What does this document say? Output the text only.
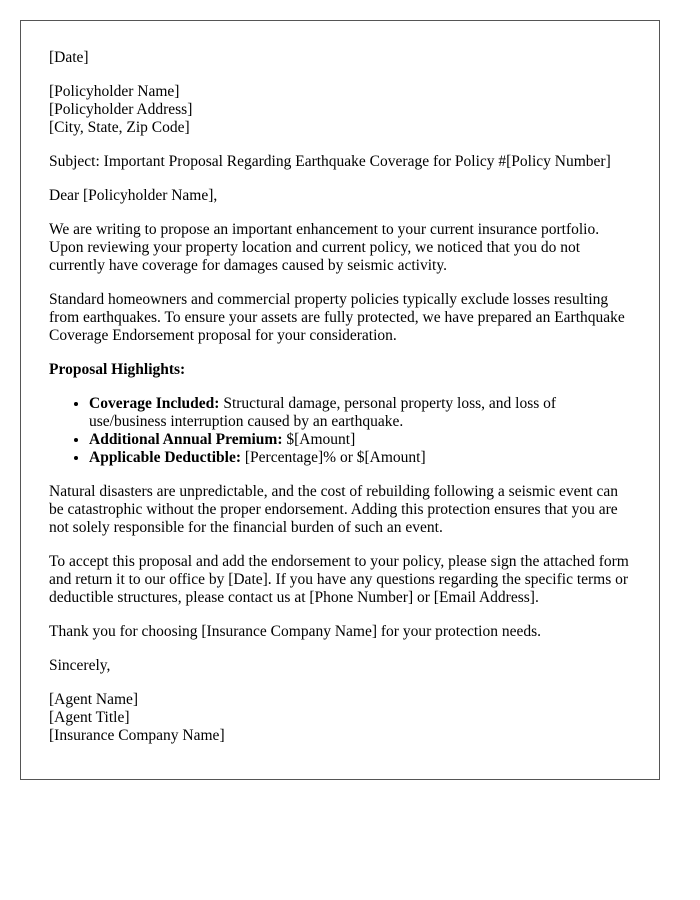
[Date]

[Policyholder Name]
[Policyholder Address]
[City, State, Zip Code]

Subject: Important Proposal Regarding Earthquake Coverage for Policy #[Policy Number]

Dear [Policyholder Name],

We are writing to propose an important enhancement to your current insurance portfolio. Upon reviewing your property location and current policy, we noticed that you do not currently have coverage for damages caused by seismic activity.

Standard homeowners and commercial property policies typically exclude losses resulting from earthquakes. To ensure your assets are fully protected, we have prepared an Earthquake Coverage Endorsement proposal for your consideration.

Proposal Highlights:

• Coverage Included: Structural damage, personal property loss, and loss of use/business interruption caused by an earthquake.
• Additional Annual Premium: $[Amount]
• Applicable Deductible: [Percentage]% or $[Amount]

Natural disasters are unpredictable, and the cost of rebuilding following a seismic event can be catastrophic without the proper endorsement. Adding this protection ensures that you are not solely responsible for the financial burden of such an event.

To accept this proposal and add the endorsement to your policy, please sign the attached form and return it to our office by [Date]. If you have any questions regarding the specific terms or deductible structures, please contact us at [Phone Number] or [Email Address].

Thank you for choosing [Insurance Company Name] for your protection needs.

Sincerely,

[Agent Name]
[Agent Title]
[Insurance Company Name]
